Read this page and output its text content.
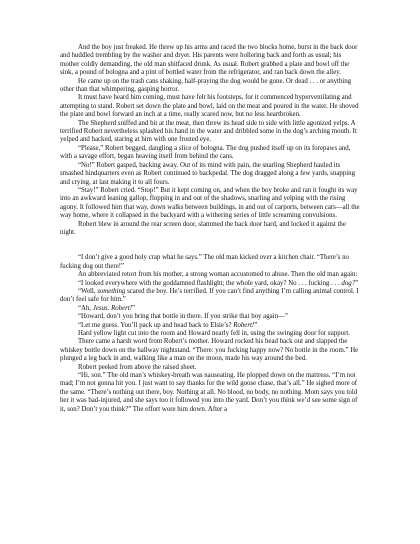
And the boy just freaked. He threw up his arms and raced the two blocks home, burst in the back door and huddled trembling by the washer and dryer. His parents were hollering back and forth as usual; his mother coldly demanding, the old man shitfaced drunk. As usual. Robert grabbed a plate and bowl off the sink, a pound of bologna and a pint of bottled water from the refrigerator, and ran back down the alley.

He came up on the trash cans shaking, half-praying the dog would be gone. Or dead . . . or anything other than that whimpering, gasping horror.

It must have heard him coming, must have felt his footsteps, for it commenced hyperventilating and attempting to stand. Robert set down the plate and bowl, laid on the meat and poured in the water. He shoved the plate and bowl forward an inch at a time, really scared now, but no less heartbroken.

The Shepherd sniffed and bit at the meat, then threw its head side to side with little agonized yelps. A terrified Robert nevertheless splashed his hand in the water and dribbled some in the dog’s arching mouth. It yelped and hacked, staring at him with one frosted eye.

“Please,” Robert begged, dangling a slice of bologna. The dog pushed itself up on its forepaws and, with a savage effort, began heaving itself from behind the cans.

“No!” Robert gasped, backing away. Out of its mind with pain, the snarling Shepherd hauled its smashed hindquarters even as Robert continued to backpedal. The dog dragged along a few yards, snapping and crying, at last making it to all fours.

“Stay!” Robert cried. “Stop!” But it kept coming on, and when the boy broke and ran it fought its way into an awkward leaning gallop, flopping in and out of the shadows, snarling and yelping with the rising agony. It followed him that way, down walks between buildings, in and out of carports, between cars—all the way home, where it collapsed in the backyard with a withering series of little screaming convulsions.

Robert blew in around the rear screen door, slammed the back door hard, and locked it against the night.

“I don’t give a good holy crap what he says.” The old man kicked over a kitchen chair. “There’s no fucking dog out there!”

An abbreviated retort from his mother, a strong woman accustomed to abuse. Then the old man again:

“I looked everywhere with the goddamned flashlight; the whole yard, okay? No . . . fucking . . . dog?”

“Well, something scared the boy. He’s terrified. If you can’t find anything I’m calling animal control. I don’t feel safe for him.”

“Ah, Jesus. Robert!”

“Howard, don’t you bring that bottle in there. If you strike that boy again—”

“Let me guess. You’ll pack up and head back to Elsie’s? Robert!”

Hard yellow light cut into the room and Howard nearly fell in, using the swinging door for support.

There came a harsh word from Robert’s mother. Howard rocked his head back out and slapped the whiskey bottle down on the hallway nightstand. “There: you fucking happy now? No bottle in the room.” He plunged a leg back in and, walking like a man on the moon, made his way around the bed.

Robert peeked from above the raised sheet.

“Hi, son.” The old man’s whiskey-breath was nauseating. He plopped down on the mattress. “I’m not mad; I’m not gonna hit you. I just want to say thanks for the wild goose chase, that’s all.” He sighed more of the same. “There’s nothing out there, boy. Nothing at all. No blood, no body, no nothing. Mom says you told her it was bad-injured, and she says too it followed you into the yard. Don’t you think we’d see some sign of it, son? Don’t you think?” The effort wore him down. After a
